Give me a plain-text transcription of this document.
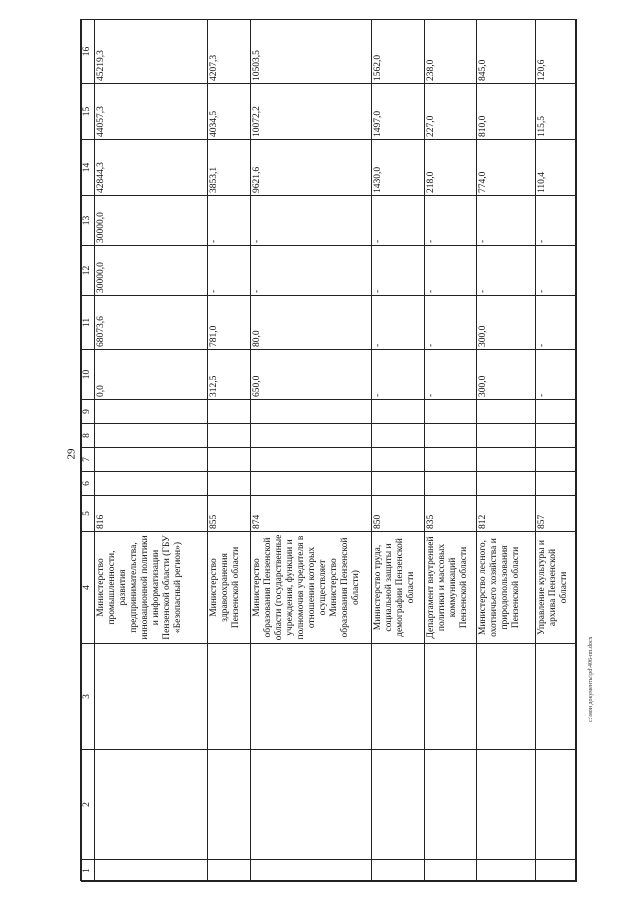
29
1	2	3	4	5	6	7	8	9	10	11	12	13	14	15	16
			Министерство промышленности, развития предпринимательства, инновационной политики и информатизации Пензенской области (ГБУ «Безопасный регион»)	816					0,0	68073,6	30000,0	30000,0	42844,3	44057,3	45219,3
			Министерство здравоохранения Пензенской области	855					312,5	781,0	-	-	3853,1	4034,5	4207,3
			Министерство образования Пензенской области (государственные учреждения, функции и полномочия учредителя в отношении которых осуществляет Министерство образования Пензенской области)	874					650,0	80,0	-	-	9621,6	10072,2	10503,5
			Министерство труда, социальной защиты и демографии Пензенской области	850					-	-	-	-	1430,0	1497,0	1562,0
			Департамент внутренней политики и массовых коммуникаций Пензенской области	835					-	-	-	-	218,0	227,0	238,0
			Министерство лесного, охотничьего хозяйства и природопользования Пензенской области	812					300,0	300,0	-	-	774,0	810,0	845,0
			Управление культуры и архива Пензенской области	857					-	-	-	-	110,4	115,5	120,6
c:\мои документы\pd\406-пп.docx
